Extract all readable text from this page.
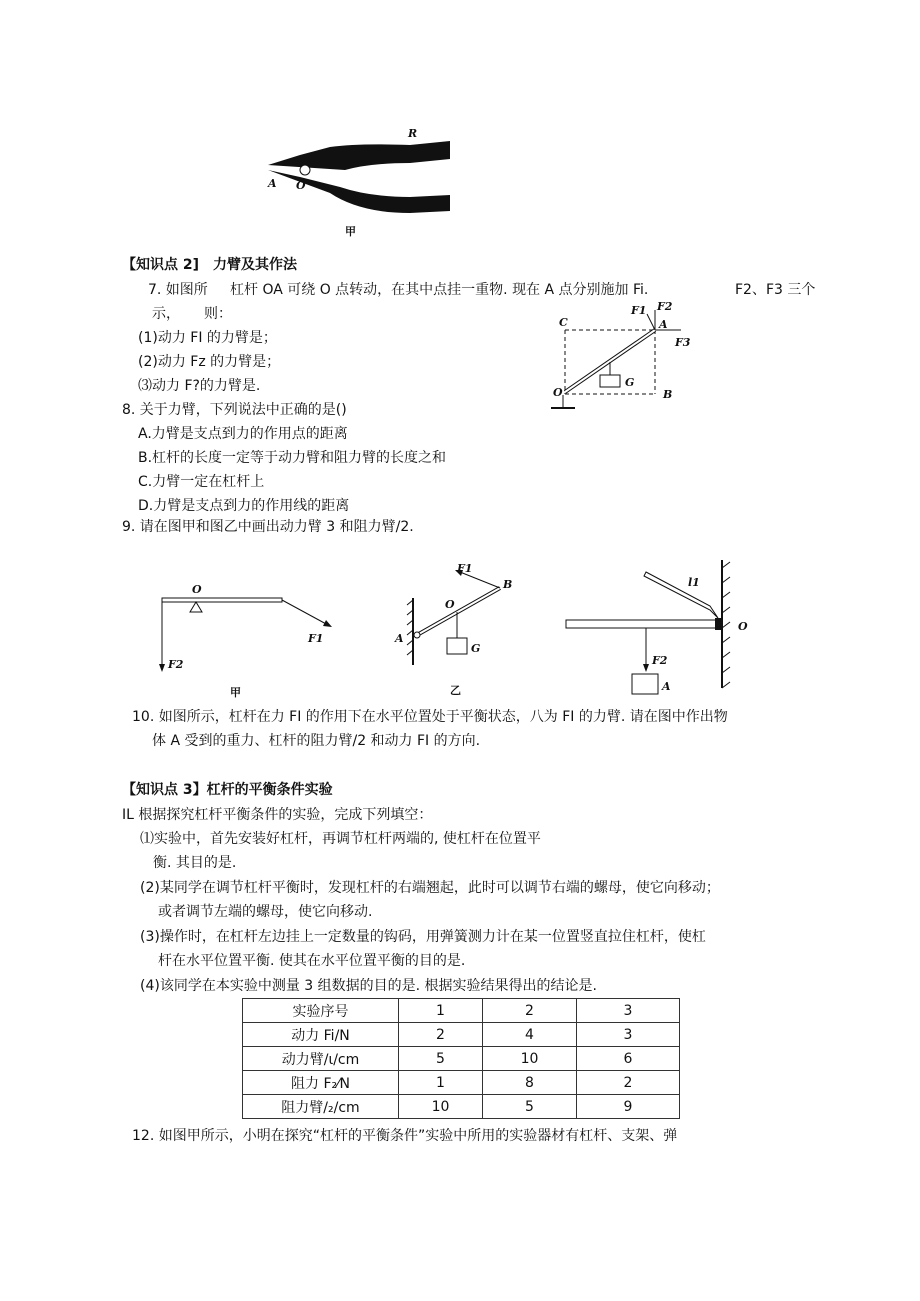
R
A O
甲
【知识点 2]　力臂及其作法
7. 如图所 杠杆 OA 可绕 O 点转动，在其中点挂一重物. 现在 A 点分别施加 Fi.	F2、F3 三个
示， 则：
(1)动力 FI 的力臂是；
(2)动力 Fz 的力臂是；
⑶动力 F?的力臂是.
F1 F2
A
F3
C
O
G
B
8. 关于力臂，下列说法中正确的是()
A.力臂是支点到力的作用点的距离
B.杠杆的长度一定等于动力臂和阻力臂的长度之和
C.力臂一定在杠杆上
D.力臂是支点到力的作用线的距离
9. 请在图甲和图乙中画出动力臂 3 和阻力臂/2.
O
F1
F2
甲
F1
B
O
A
G
乙
l1
O
F2
A
10. 如图所示，杠杆在力 FI 的作用下在水平位置处于平衡状态，八为 FI 的力臂. 请在图中作出物
体 A 受到的重力、杠杆的阻力臂/2 和动力 FI 的方向.
【知识点 3】杠杆的平衡条件实验
IL 根据探究杠杆平衡条件的实验，完成下列填空：
⑴实验中，首先安装好杠杆，再调节杠杆两端的, 使杠杆在位置平
衡. 其目的是.
(2)某同学在调节杠杆平衡时，发现杠杆的右端翘起，此时可以调节右端的螺母，使它向移动；
或者调节左端的螺母，使它向移动.
(3)操作时，在杠杆左边挂上一定数量的钩码，用弹簧测力计在某一位置竖直拉住杠杆，使杠
杆在水平位置平衡. 使其在水平位置平衡的目的是.
(4)该同学在本实验中测量 3 组数据的目的是. 根据实验结果得出的结论是.
实验序号	1	2	3
动力 Fi/N	2	4	3
动力臂/ι/cm	5	10	6
阻力 F₂⁄N	1	8	2
阻力臂/₂/cm	10	5	9
12. 如图甲所示，小明在探究“杠杆的平衡条件”实验中所用的实验器材有杠杆、支架、弹
